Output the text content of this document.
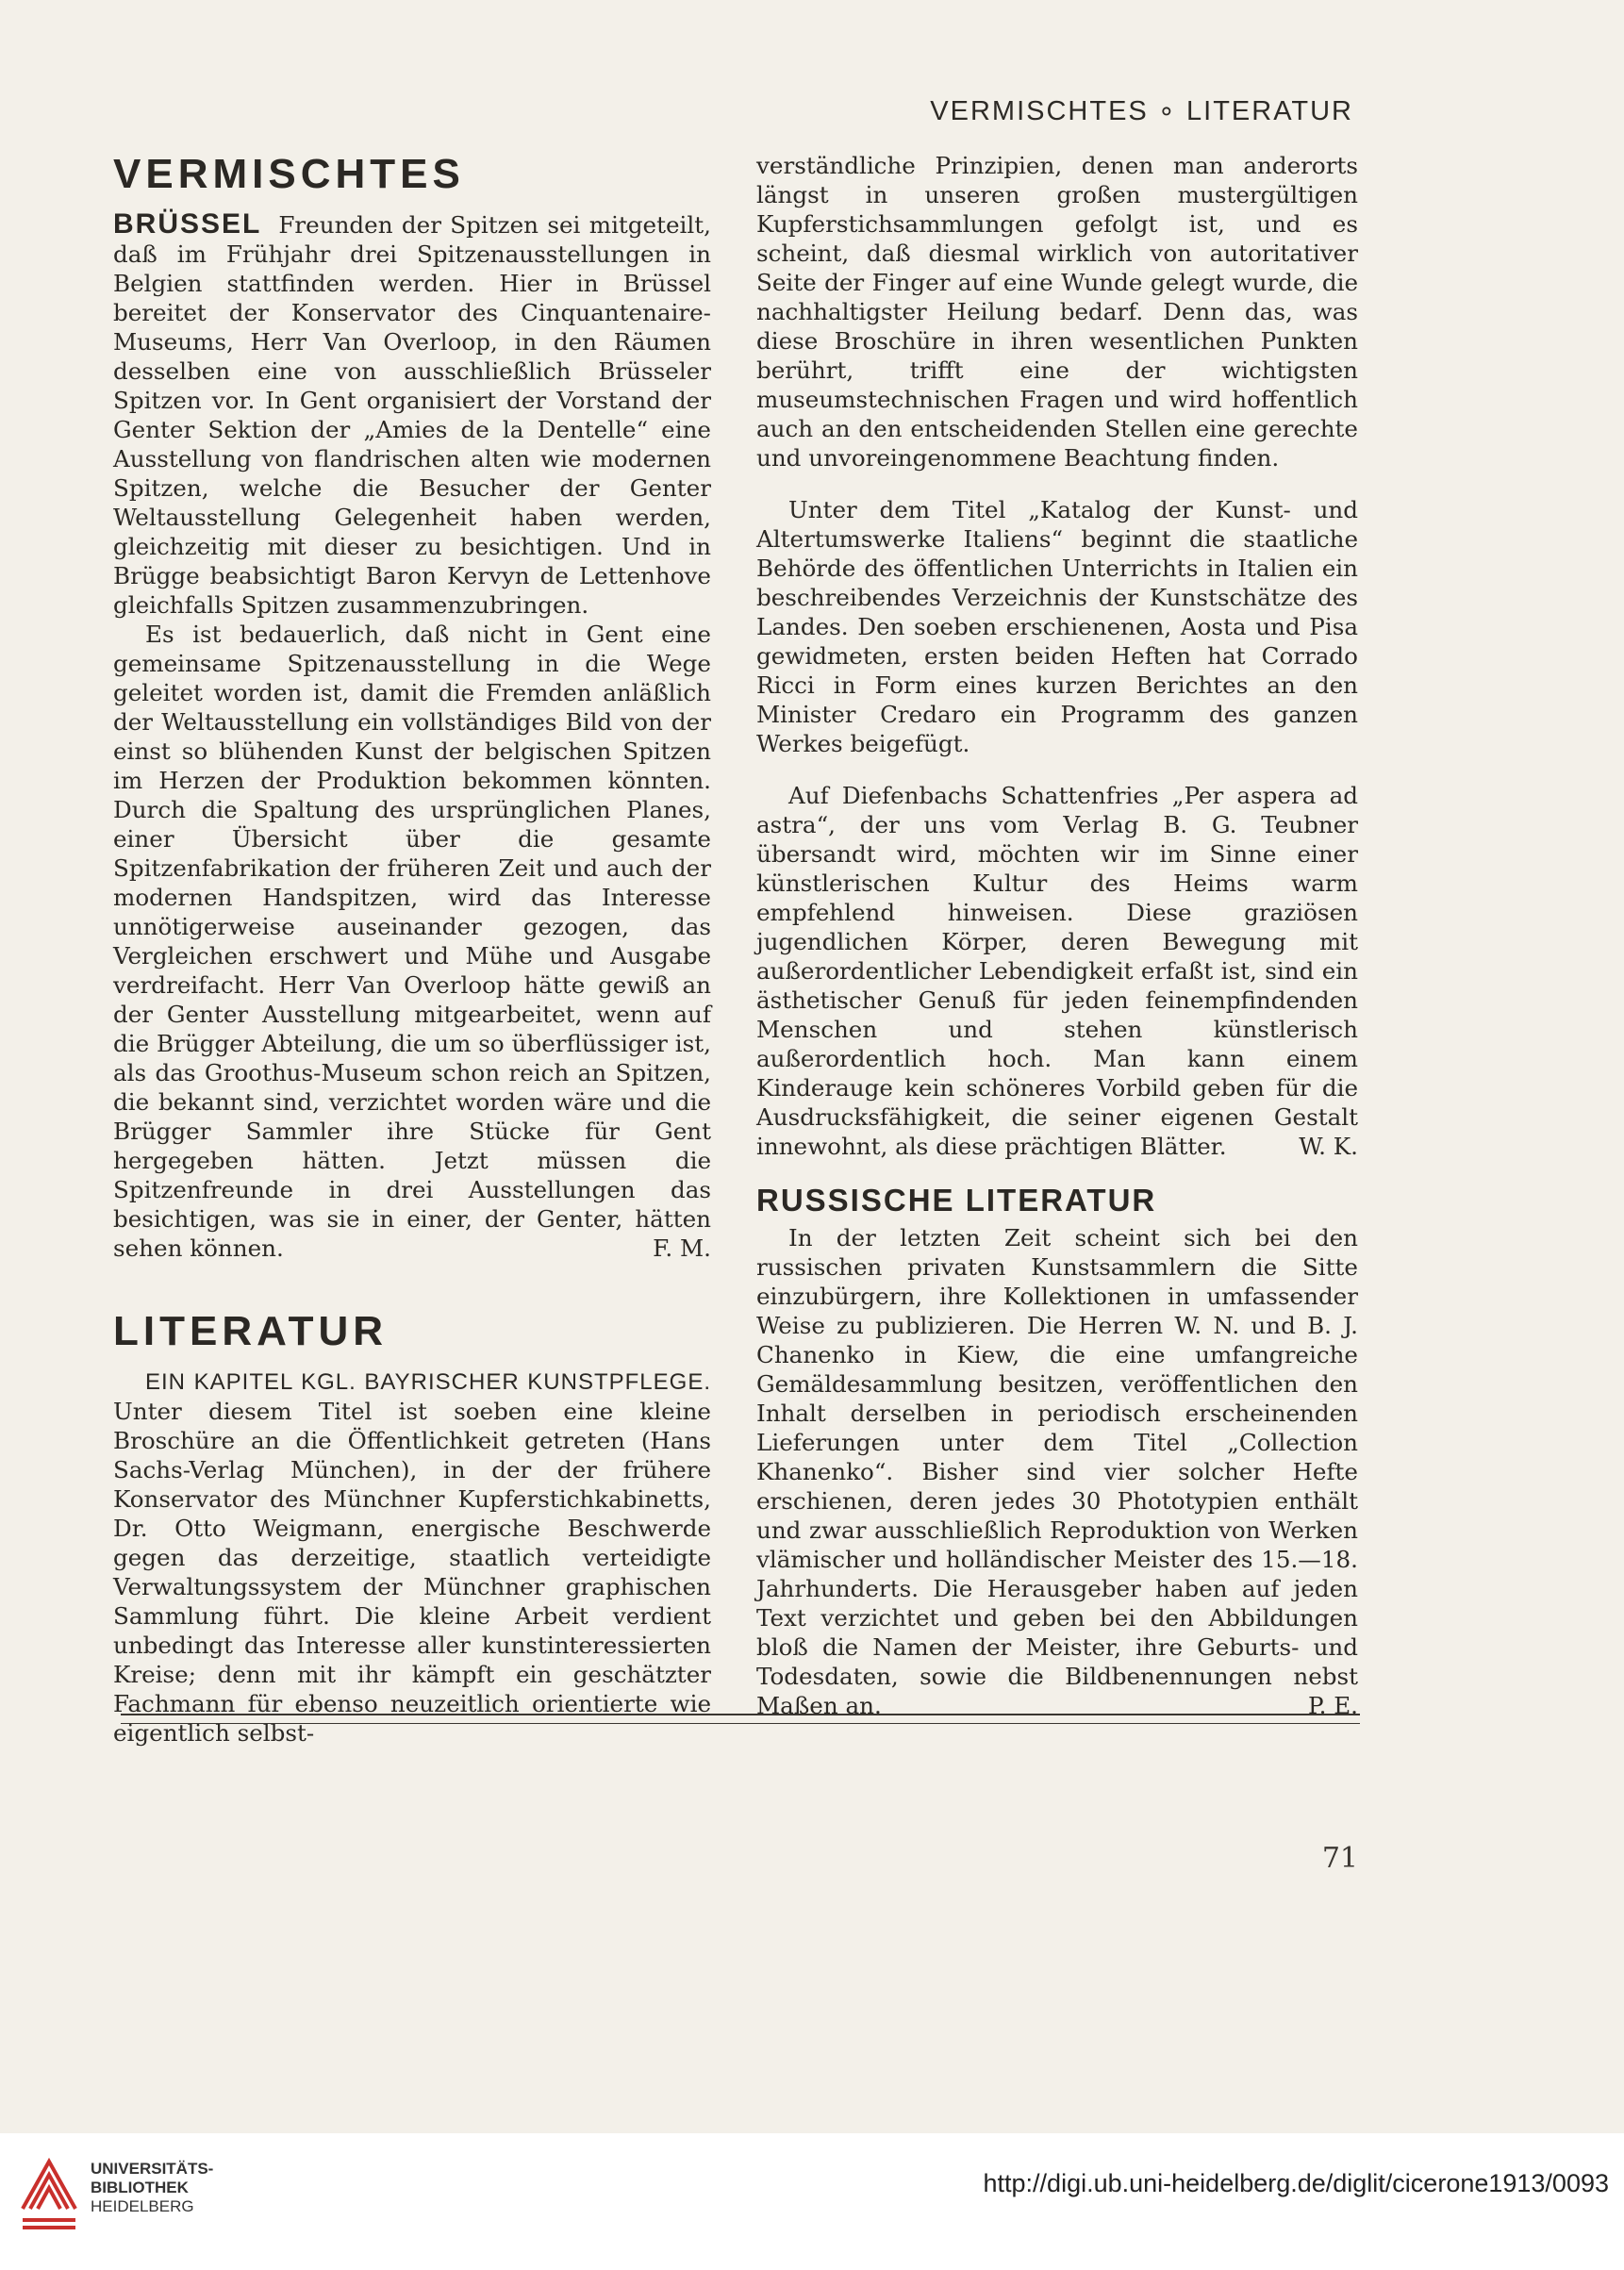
VERMISCHTES ∘ LITERATUR
VERMISCHTES

BRÜSSEL Freunden der Spitzen sei mitgeteilt, daß im Frühjahr drei Spitzenausstellungen in Belgien stattfinden werden. Hier in Brüssel bereitet der Konservator des Cinquantenaire-Museums, Herr Van Overloop, in den Räumen desselben eine von ausschließlich Brüsseler Spitzen vor. In Gent organisiert der Vorstand der Genter Sektion der „Amies de la Dentelle“ eine Ausstellung von flandrischen alten wie modernen Spitzen, welche die Besucher der Genter Weltausstellung Gelegenheit haben werden, gleichzeitig mit dieser zu besichtigen. Und in Brügge beabsichtigt Baron Kervyn de Lettenhove gleichfalls Spitzen zusammenzubringen.

Es ist bedauerlich, daß nicht in Gent eine gemeinsame Spitzenausstellung in die Wege geleitet worden ist, damit die Fremden anläßlich der Weltausstellung ein vollständiges Bild von der einst so blühenden Kunst der belgischen Spitzen im Herzen der Produktion bekommen könnten. Durch die Spaltung des ursprünglichen Planes, einer Übersicht über die gesamte Spitzenfabrikation der früheren Zeit und auch der modernen Handspitzen, wird das Interesse unnötigerweise auseinander gezogen, das Vergleichen erschwert und Mühe und Ausgabe verdreifacht. Herr Van Overloop hätte gewiß an der Genter Ausstellung mitgearbeitet, wenn auf die Brügger Abteilung, die um so überflüssiger ist, als das Groothus-Museum schon reich an Spitzen, die bekannt sind, verzichtet worden wäre und die Brügger Sammler ihre Stücke für Gent hergegeben hätten. Jetzt müssen die Spitzenfreunde in drei Ausstellungen das besichtigen, was sie in einer, der Genter, hätten sehen können.	F. M.

LITERATUR

EIN KAPITEL KGL. BAYRISCHER KUNSTPFLEGE. Unter diesem Titel ist soeben eine kleine Broschüre an die Öffentlichkeit getreten (Hans Sachs-Verlag München), in der der frühere Konservator des Münchner Kupferstichkabinetts, Dr. Otto Weigmann, energische Beschwerde gegen das derzeitige, staatlich verteidigte Verwaltungssystem der Münchner graphischen Sammlung führt. Die kleine Arbeit verdient unbedingt das Interesse aller kunstinteressierten Kreise; denn mit ihr kämpft ein geschätzter Fachmann für ebenso neuzeitlich orientierte wie eigentlich selbst-

verständliche Prinzipien, denen man anderorts längst in unseren großen mustergültigen Kupferstichsammlungen gefolgt ist, und es scheint, daß diesmal wirklich von autoritativer Seite der Finger auf eine Wunde gelegt wurde, die nachhaltigster Heilung bedarf. Denn das, was diese Broschüre in ihren wesentlichen Punkten berührt, trifft eine der wichtigsten museumstechnischen Fragen und wird hoffentlich auch an den entscheidenden Stellen eine gerechte und unvoreingenommene Beachtung finden.

Unter dem Titel „Katalog der Kunst- und Altertumswerke Italiens“ beginnt die staatliche Behörde des öffentlichen Unterrichts in Italien ein beschreibendes Verzeichnis der Kunstschätze des Landes. Den soeben erschienenen, Aosta und Pisa gewidmeten, ersten beiden Heften hat Corrado Ricci in Form eines kurzen Berichtes an den Minister Credaro ein Programm des ganzen Werkes beigefügt.

Auf Diefenbachs Schattenfries „Per aspera ad astra“, der uns vom Verlag B. G. Teubner übersandt wird, möchten wir im Sinne einer künstlerischen Kultur des Heims warm empfehlend hinweisen. Diese graziösen jugendlichen Körper, deren Bewegung mit außerordentlicher Lebendigkeit erfaßt ist, sind ein ästhetischer Genuß für jeden feinempfindenden Menschen und stehen künstlerisch außerordentlich hoch. Man kann einem Kinderauge kein schöneres Vorbild geben für die Ausdrucksfähigkeit, die seiner eigenen Gestalt innewohnt, als diese prächtigen Blätter.	W. K.

RUSSISCHE LITERATUR

In der letzten Zeit scheint sich bei den russischen privaten Kunstsammlern die Sitte einzubürgern, ihre Kollektionen in umfassender Weise zu publizieren. Die Herren W. N. und B. J. Chanenko in Kiew, die eine umfangreiche Gemäldesammlung besitzen, veröffentlichen den Inhalt derselben in periodisch erscheinenden Lieferungen unter dem Titel „Collection Khanenko“. Bisher sind vier solcher Hefte erschienen, deren jedes 30 Phototypien enthält und zwar ausschließlich Reproduktion von Werken vlämischer und holländischer Meister des 15.—18. Jahrhunderts. Die Herausgeber haben auf jeden Text verzichtet und geben bei den Abbildungen bloß die Namen der Meister, ihre Geburts- und Todesdaten, sowie die Bildbenennungen nebst Maßen an.	P. E.

71
UNIVERSITÄTS-
BIBLIOTHEK
HEIDELBERG
http://digi.ub.uni-heidelberg.de/diglit/cicerone1913/0093
